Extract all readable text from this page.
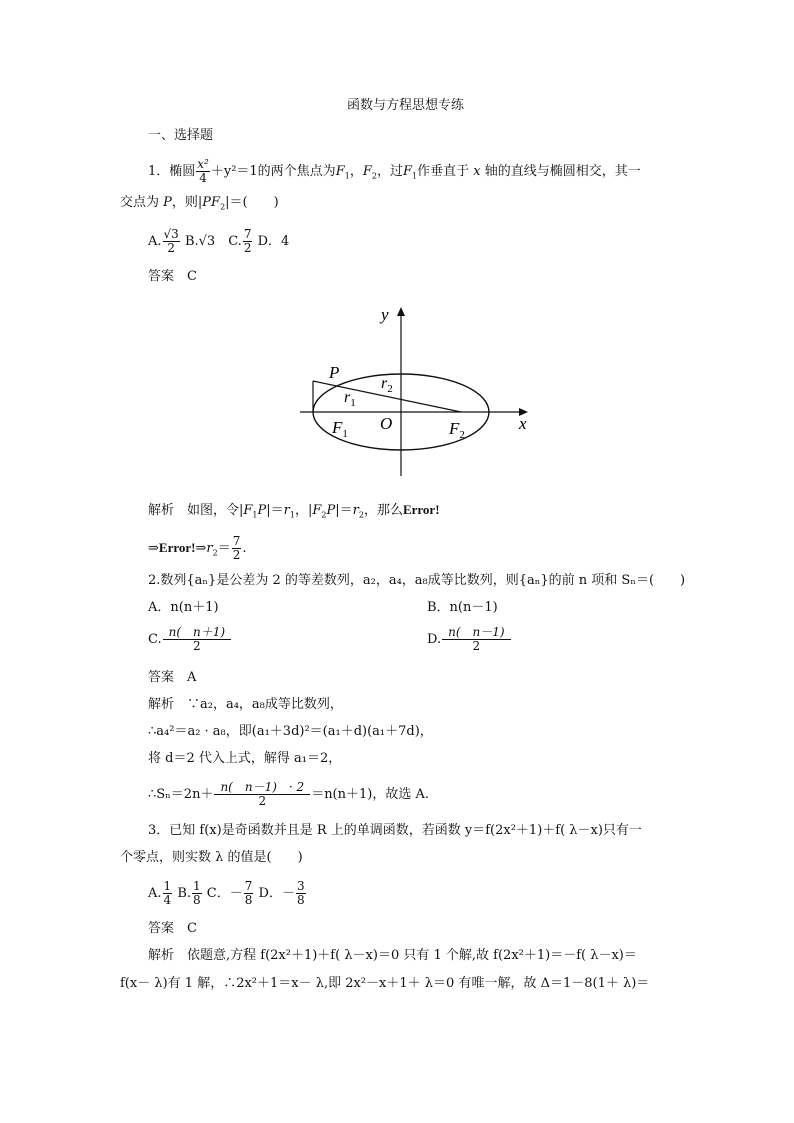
函数与方程思想专练
一、选择题
1．椭圆 $\frac{\text{x²}}{4} +y^2=1$的两个焦点为$F_1$，$F_2$，过$F_1$作垂直于 x 轴的直线与椭圆相交，其一
交点为 P，则$|PF_2|=$(　　)
A. $\frac{√3}{2} B.√3$　C. $\frac{7}{2}$ D．4
答案　C
y
x
P
$r_2$
$r_1$
$F_1$
O	$F_2$
解析　如图，令$|F_1P|=r_1$，$|F_2P|=r_2$，那么Error!
$\Rightarrow Error!\Rightarrow r_2= \frac{7}{2}$ .
2.数列{aₙ}是公差为 2 的等差数列，a₂，a₄，a₈成等比数列，则{aₙ}的前 n 项和 Sₙ＝(　　)
A．n(n＋1)	B．n(n－1)
C. $\frac{n( n+1)}{2}$	D. $\frac{n( n-1)}{2}$
答案　A
解析　∵a₂，a₄，a₈成等比数列，
∴a₄²＝a₂ · a₈，即(a₁＋3d)²＝(a₁＋d)(a₁＋7d)，
将 d＝2 代入上式，解得 a₁＝2，
∴Sₙ＝2n＋ $\frac{n( n-1) \cdot 2}{2} =n(n+1)$，故选 A.
3．已知 f(x)是奇函数并且是 R 上的单调函数，若函数 y＝f(2x²＋1)＋f( λ－x)只有一
个零点，则实数 λ 的值是(　　)
A. $\frac{1}{4} B$. $\frac{1}{8}$ C．－ $\frac{7}{8}$ D．－ $\frac{3}{8}$
答案　C
解析　依题意,方程 f(2x²＋1)＋f( λ－x)＝0 只有 1 个解,故 f(2x²＋1)＝－f( λ－x)＝
f(x－ λ)有 1 解，∴2x²＋1＝x－ λ,即 2x²－x＋1＋ λ＝0 有唯一解，故 Δ＝1－8(1＋ λ)＝
